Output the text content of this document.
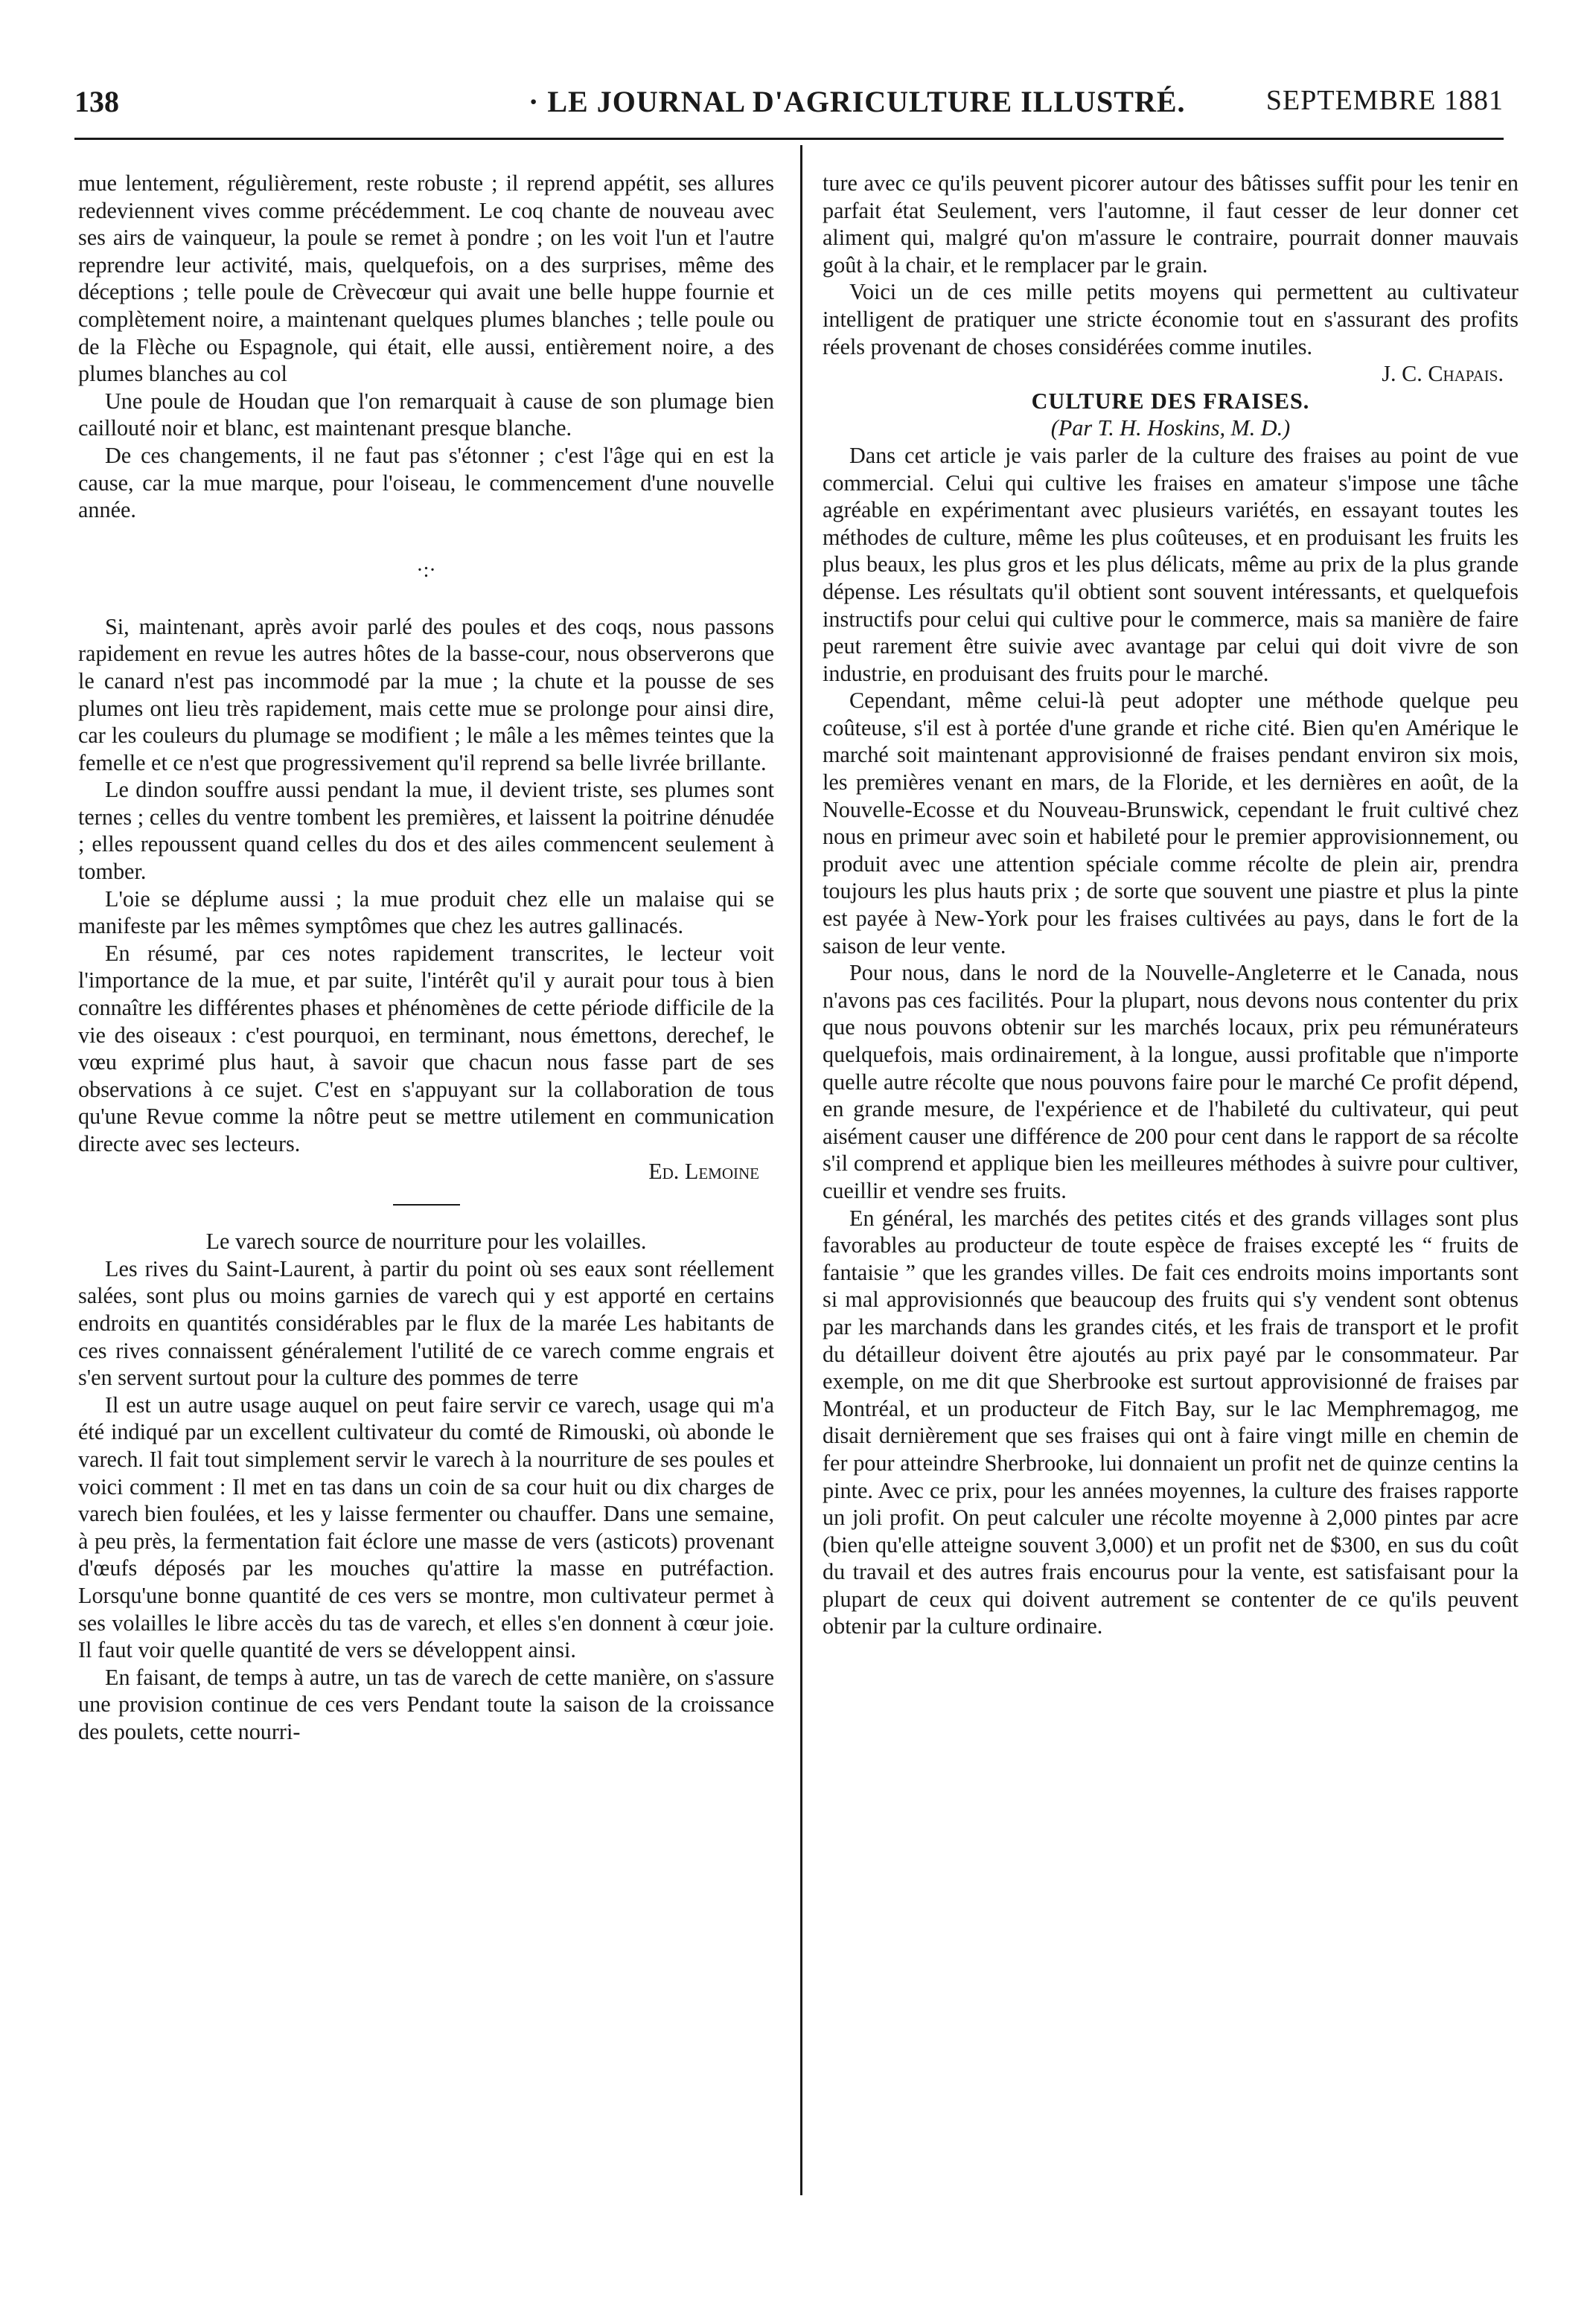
138	· LE JOURNAL D'AGRICULTURE ILLUSTRÉ.	SEPTEMBRE 1881

mue lentement, régulièrement, reste robuste ; il reprend appétit, ses allures redeviennent vives comme précédemment. Le coq chante de nouveau avec ses airs de vainqueur, la poule se remet à pondre ; on les voit l'un et l'autre reprendre leur activité, mais, quelquefois, on a des surprises, même des déceptions ; telle poule de Crèvecœur qui avait une belle huppe fournie et complètement noire, a maintenant quelques plumes blanches ; telle poule ou de la Flèche ou Espagnole, qui était, elle aussi, entièrement noire, a des plumes blanches au col

Une poule de Houdan que l'on remarquait à cause de son plumage bien caillouté noir et blanc, est maintenant presque blanche.

De ces changements, il ne faut pas s'étonner ; c'est l'âge qui en est la cause, car la mue marque, pour l'oiseau, le commencement d'une nouvelle année.

·:·

Si, maintenant, après avoir parlé des poules et des coqs, nous passons rapidement en revue les autres hôtes de la basse-cour, nous observerons que le canard n'est pas incommodé par la mue ; la chute et la pousse de ses plumes ont lieu très rapidement, mais cette mue se prolonge pour ainsi dire, car les couleurs du plumage se modifient ; le mâle a les mêmes teintes que la femelle et ce n'est que progressivement qu'il reprend sa belle livrée brillante.

Le dindon souffre aussi pendant la mue, il devient triste, ses plumes sont ternes ; celles du ventre tombent les premières, et laissent la poitrine dénudée ; elles repoussent quand celles du dos et des ailes commencent seulement à tomber.

L'oie se déplume aussi ; la mue produit chez elle un malaise qui se manifeste par les mêmes symptômes que chez les autres gallinacés.

En résumé, par ces notes rapidement transcrites, le lecteur voit l'importance de la mue, et par suite, l'intérêt qu'il y aurait pour tous à bien connaître les différentes phases et phénomènes de cette période difficile de la vie des oiseaux : c'est pourquoi, en terminant, nous émettons, derechef, le vœu exprimé plus haut, à savoir que chacun nous fasse part de ses observations à ce sujet. C'est en s'appuyant sur la collaboration de tous qu'une Revue comme la nôtre peut se mettre utilement en communication directe avec ses lecteurs.

Ed. Lemoine

Le varech source de nourriture pour les volailles.

Les rives du Saint-Laurent, à partir du point où ses eaux sont réellement salées, sont plus ou moins garnies de varech qui y est apporté en certains endroits en quantités considérables par le flux de la marée Les habitants de ces rives connaissent généralement l'utilité de ce varech comme engrais et s'en servent surtout pour la culture des pommes de terre

Il est un autre usage auquel on peut faire servir ce varech, usage qui m'a été indiqué par un excellent cultivateur du comté de Rimouski, où abonde le varech. Il fait tout simplement servir le varech à la nourriture de ses poules et voici comment : Il met en tas dans un coin de sa cour huit ou dix charges de varech bien foulées, et les y laisse fermenter ou chauffer. Dans une semaine, à peu près, la fermentation fait éclore une masse de vers (asticots) provenant d'œufs déposés par les mouches qu'attire la masse en putréfaction. Lorsqu'une bonne quantité de ces vers se montre, mon cultivateur permet à ses volailles le libre accès du tas de varech, et elles s'en donnent à cœur joie. Il faut voir quelle quantité de vers se développent ainsi.

En faisant, de temps à autre, un tas de varech de cette manière, on s'assure une provision continue de ces vers Pendant toute la saison de la croissance des poulets, cette nourri-

ture avec ce qu'ils peuvent picorer autour des bâtisses suffit pour les tenir en parfait état Seulement, vers l'automne, il faut cesser de leur donner cet aliment qui, malgré qu'on m'assure le contraire, pourrait donner mauvais goût à la chair, et le remplacer par le grain.

Voici un de ces mille petits moyens qui permettent au cultivateur intelligent de pratiquer une stricte économie tout en s'assurant des profits réels provenant de choses considérées comme inutiles.

J. C. Chapais.

CULTURE DES FRAISES.

(Par T. H. Hoskins, M. D.)

Dans cet article je vais parler de la culture des fraises au point de vue commercial. Celui qui cultive les fraises en amateur s'impose une tâche agréable en expérimentant avec plusieurs variétés, en essayant toutes les méthodes de culture, même les plus coûteuses, et en produisant les fruits les plus beaux, les plus gros et les plus délicats, même au prix de la plus grande dépense. Les résultats qu'il obtient sont souvent intéressants, et quelquefois instructifs pour celui qui cultive pour le commerce, mais sa manière de faire peut rarement être suivie avec avantage par celui qui doit vivre de son industrie, en produisant des fruits pour le marché.

Cependant, même celui-là peut adopter une méthode quelque peu coûteuse, s'il est à portée d'une grande et riche cité. Bien qu'en Amérique le marché soit maintenant approvisionné de fraises pendant environ six mois, les premières venant en mars, de la Floride, et les dernières en août, de la Nouvelle-Ecosse et du Nouveau-Brunswick, cependant le fruit cultivé chez nous en primeur avec soin et habileté pour le premier approvisionnement, ou produit avec une attention spéciale comme récolte de plein air, prendra toujours les plus hauts prix ; de sorte que souvent une piastre et plus la pinte est payée à New-York pour les fraises cultivées au pays, dans le fort de la saison de leur vente.

Pour nous, dans le nord de la Nouvelle-Angleterre et le Canada, nous n'avons pas ces facilités. Pour la plupart, nous devons nous contenter du prix que nous pouvons obtenir sur les marchés locaux, prix peu rémunérateurs quelquefois, mais ordinairement, à la longue, aussi profitable que n'importe quelle autre récolte que nous pouvons faire pour le marché Ce profit dépend, en grande mesure, de l'expérience et de l'habileté du cultivateur, qui peut aisément causer une différence de 200 pour cent dans le rapport de sa récolte s'il comprend et applique bien les meilleures méthodes à suivre pour cultiver, cueillir et vendre ses fruits.

En général, les marchés des petites cités et des grands villages sont plus favorables au producteur de toute espèce de fraises excepté les “ fruits de fantaisie ” que les grandes villes. De fait ces endroits moins importants sont si mal approvisionnés que beaucoup des fruits qui s'y vendent sont obtenus par les marchands dans les grandes cités, et les frais de transport et le profit du détailleur doivent être ajoutés au prix payé par le consommateur. Par exemple, on me dit que Sherbrooke est surtout approvisionné de fraises par Montréal, et un producteur de Fitch Bay, sur le lac Memphremagog, me disait dernièrement que ses fraises qui ont à faire vingt mille en chemin de fer pour atteindre Sherbrooke, lui donnaient un profit net de quinze centins la pinte. Avec ce prix, pour les années moyennes, la culture des fraises rapporte un joli profit. On peut calculer une récolte moyenne à 2,000 pintes par acre (bien qu'elle atteigne souvent 3,000) et un profit net de $300, en sus du coût du travail et des autres frais encourus pour la vente, est satisfaisant pour la plupart de ceux qui doivent autrement se contenter de ce qu'ils peuvent obtenir par la culture ordinaire.
